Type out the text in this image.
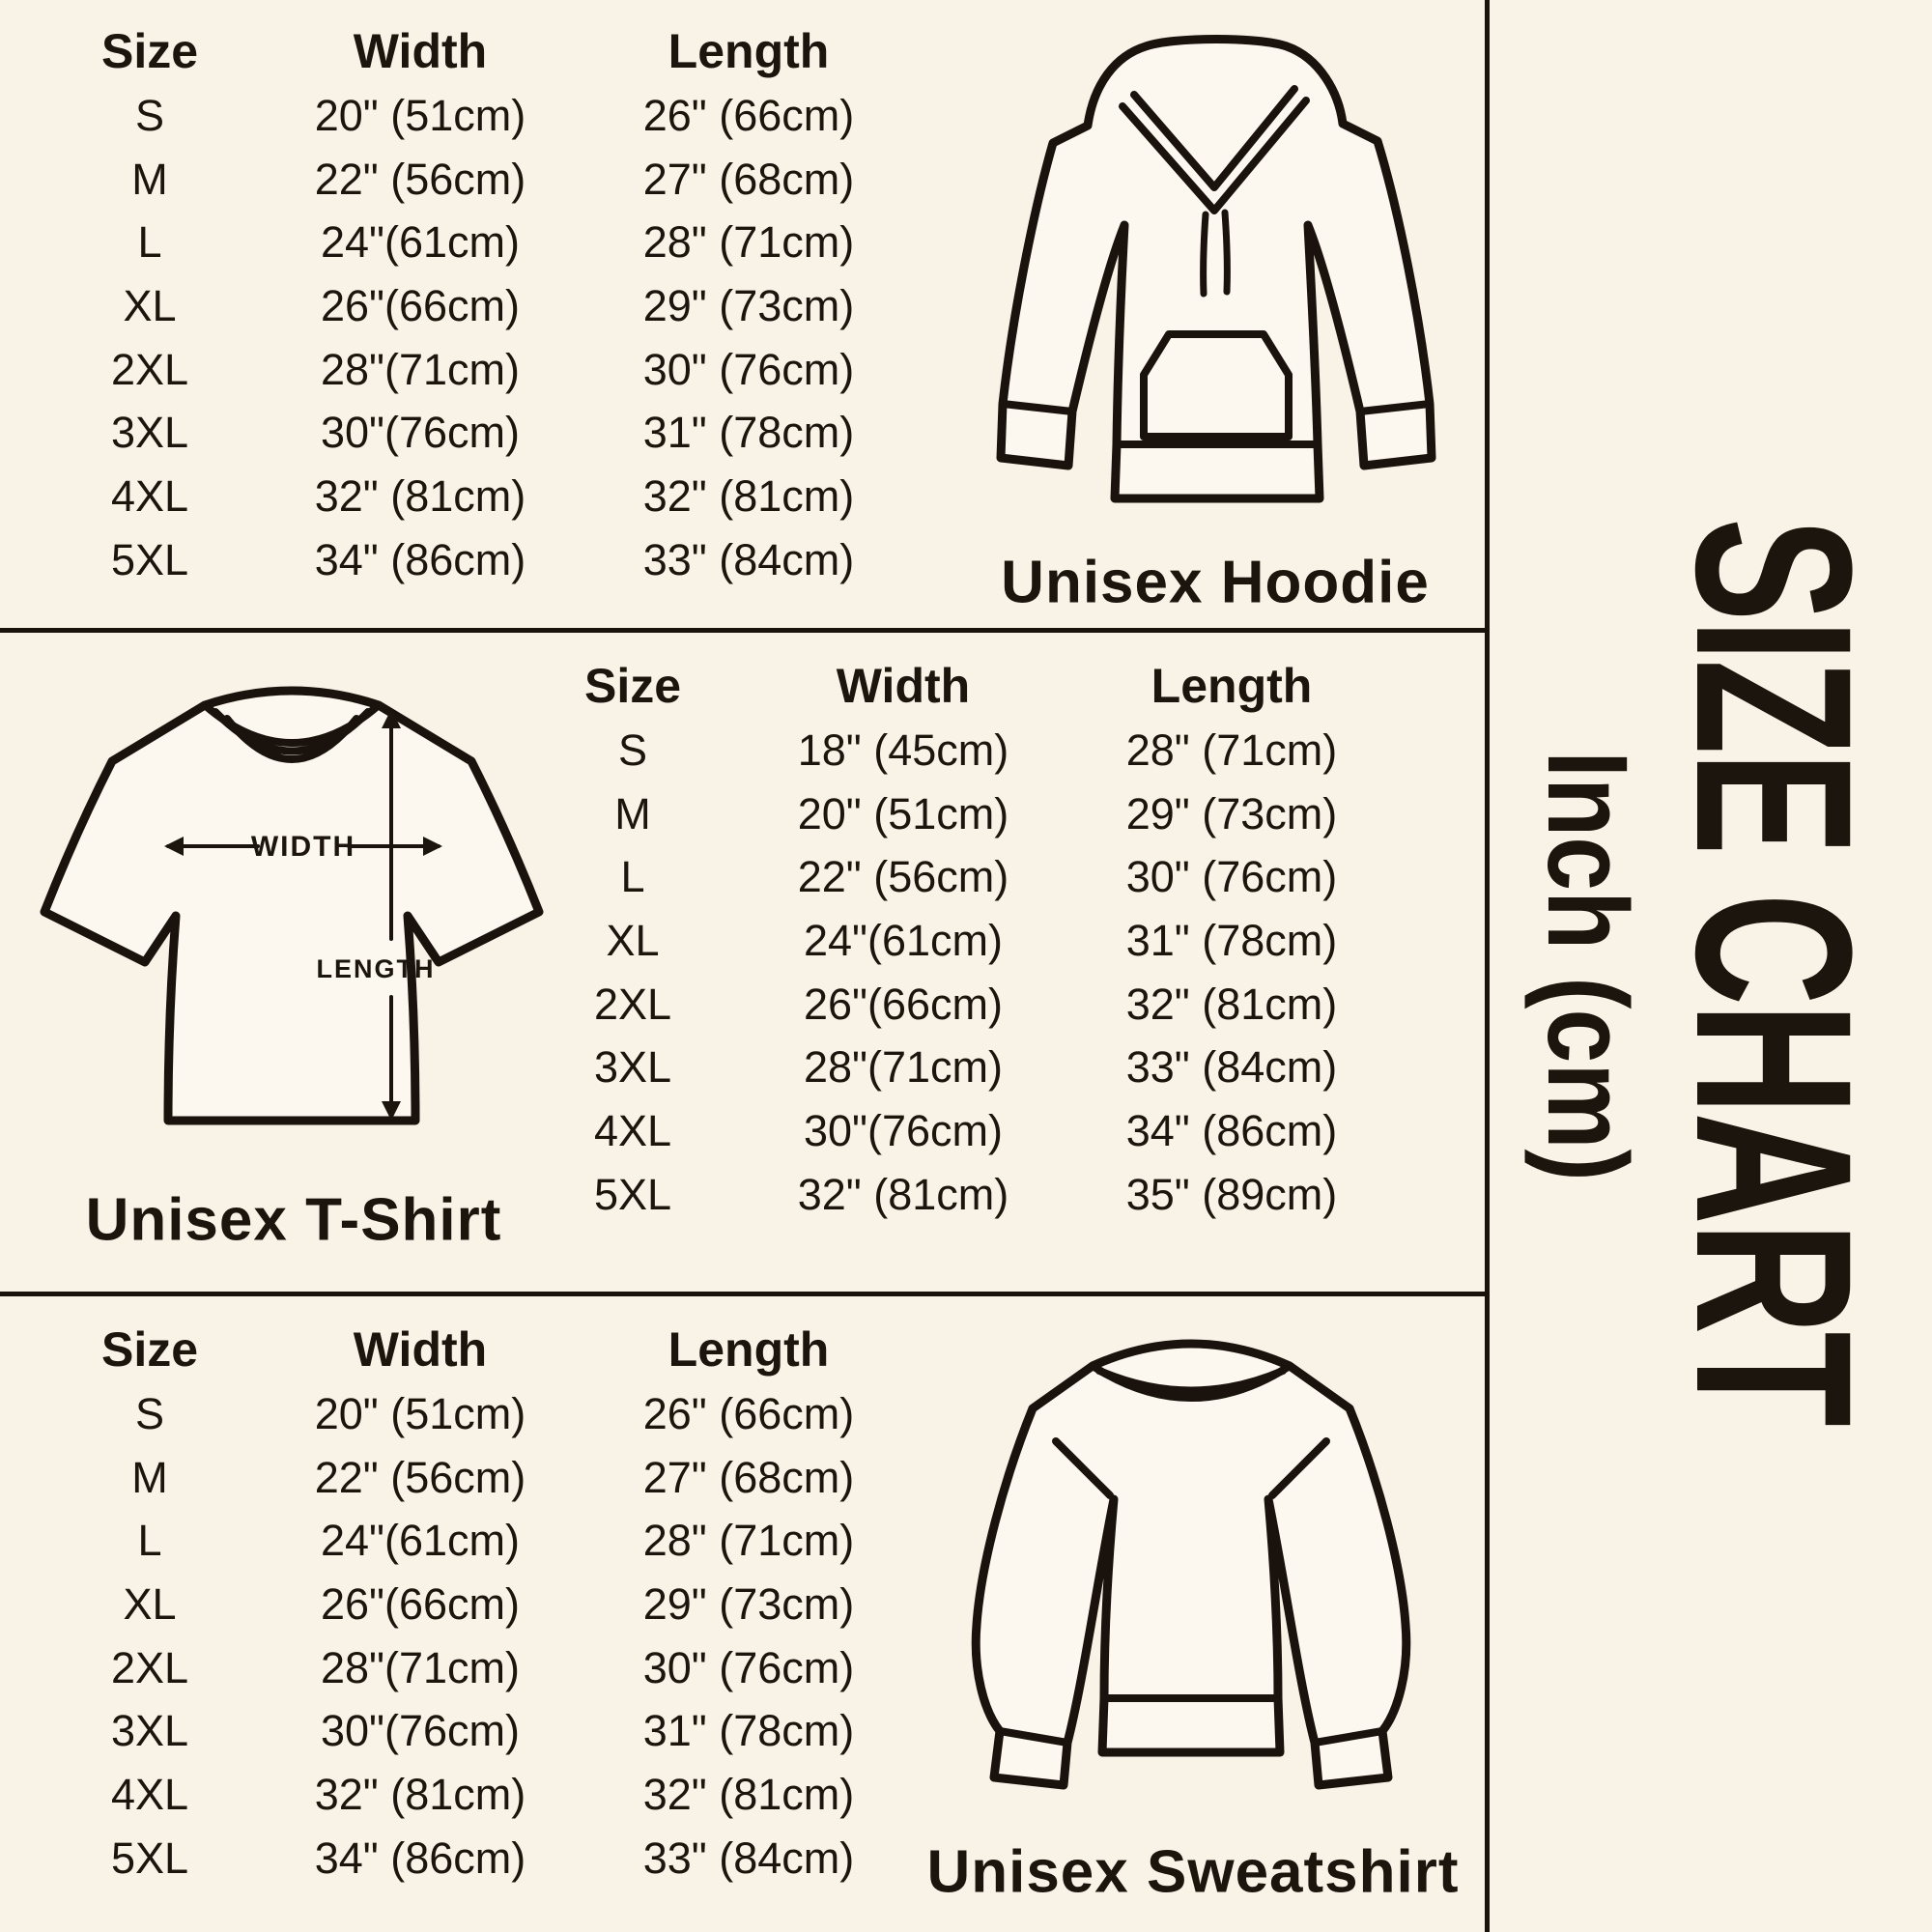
Size	Width	Length
S	20" (51cm)	26" (66cm)
M	22" (56cm)	27" (68cm)
L	24"(61cm)	28" (71cm)
XL	26"(66cm)	29" (73cm)
2XL	28"(71cm)	30" (76cm)
3XL	30"(76cm)	31" (78cm)
4XL	32" (81cm)	32" (81cm)
5XL	34" (86cm)	33" (84cm)	Unisex Hoodie
WIDTH
LENGTH
Unisex T-Shirt
Size	Width	Length
S	18" (45cm)	28" (71cm)
M	20" (51cm)	29" (73cm)
L	22" (56cm)	30" (76cm)
XL	24"(61cm)	31" (78cm)
2XL	26"(66cm)	32" (81cm)
3XL	28"(71cm)	33" (84cm)
4XL	30"(76cm)	34" (86cm)
5XL	32" (81cm)	35" (89cm)
Size	Width	Length
S	20" (51cm)	26" (66cm)
M	22" (56cm)	27" (68cm)
L	24"(61cm)	28" (71cm)
XL	26"(66cm)	29" (73cm)
2XL	28"(71cm)	30" (76cm)
3XL	30"(76cm)	31" (78cm)
4XL	32" (81cm)	32" (81cm)
5XL	34" (86cm)	33" (84cm)	Unisex Sweatshirt
SIZE CHART
Inch (cm)
